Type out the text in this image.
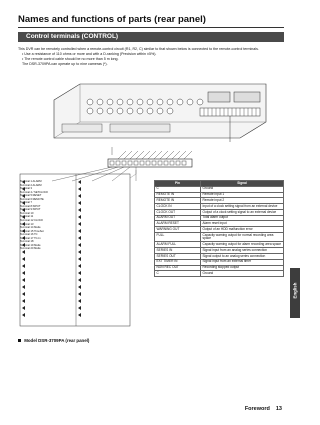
Names and functions of parts (rear panel)
Control terminals (CONTROL)

This DVR can be remotely controlled when a remote-control circuit (R1, R2, C) similar to that shown below is connected to the remote-control terminals.

• Use a resistance of 110 ohms or more and with a D-ranking (Precision within ±5%).

• The remote control cable should be no more than 5 m long.

The DSR-3709PA can operate up to nine cameras (*).

Terminal 1 ALARM
Terminal 2 ALARM
Terminal 3
Terminal 4 / SETCLOCK
Terminal 5 RESET
Terminal 6 REMOTE
Terminal 7
Terminal 8 INPUT
Terminal 9 INPUT
Terminal 10
Terminal 11
Terminal 12 CLOCK
Terminal 13
Terminal 14 Mode
Terminal 15 TimeSet
Terminal 16 TC
Terminal 17 TC-In
Terminal 18
Terminal 19 Mode
Terminal 20 Mode
Pin	Signal
C	Ground
REMOTE IN	Remote input 1
REMOTE IN	Remote input 2
CLOCK IN	Input of a clock setting signal from an external device
CLOCK OUT	Output of a clock setting signal to an external device
ALARM OUT	Total alarm output
ALARM RESET	Alarm reset input
WARNING OUT	Output of an HDD malfunction error
FULL	Capacity warning output for normal recording area space
ALARM FULL	Capacity warning output for alarm recording area space
SERIES IN	Signal input from an analog series connection
SERIES OUT	Signal output to an analog series connection
EXT TIMER IN	Signal input from an external timer
NON REC OUT	Recording stopped output
C	Ground
Model DSR-3709PA (rear panel)
English
Foreword 13
